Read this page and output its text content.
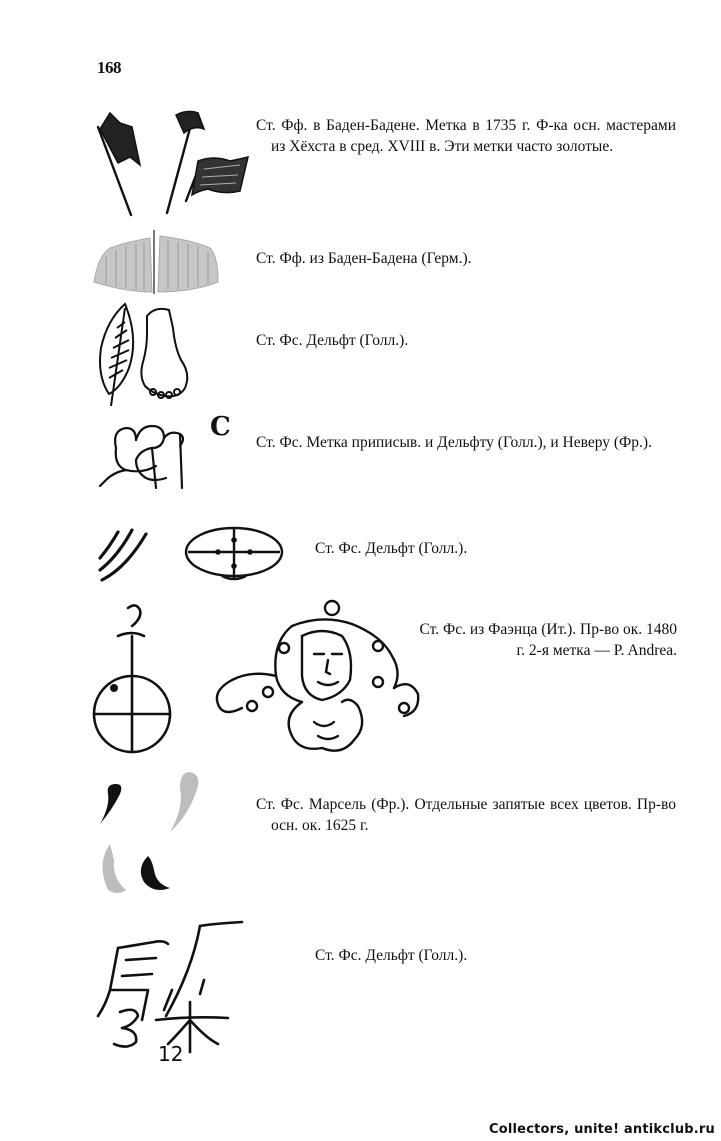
168
Ст. Фф. в Баден-Бадене. Метка в 1735 г. Ф-ка осн. мастерами из Хёхста в сред. XVIII в. Эти метки часто золотые.
Ст. Фф. из Баден-Бадена (Герм.).
Ст. Фс. Дельфт (Голл.).
C
Ст. Фс. Метка приписыв. и Дельфту (Голл.), и Неверу (Фр.).
Ст. Фс. Дельфт (Голл.).
Ст. Фс. из Фаэнца (Ит.). Пр-во ок. 1480 г. 2-я метка — P. Andrea.
Ст. Фс. Марсель (Фр.). Отдельные запятые всех цветов. Пр-во осн. ок. 1625 г.
12
Ст. Фс. Дельфт (Голл.).
Collectors, unite! antikclub.ru
